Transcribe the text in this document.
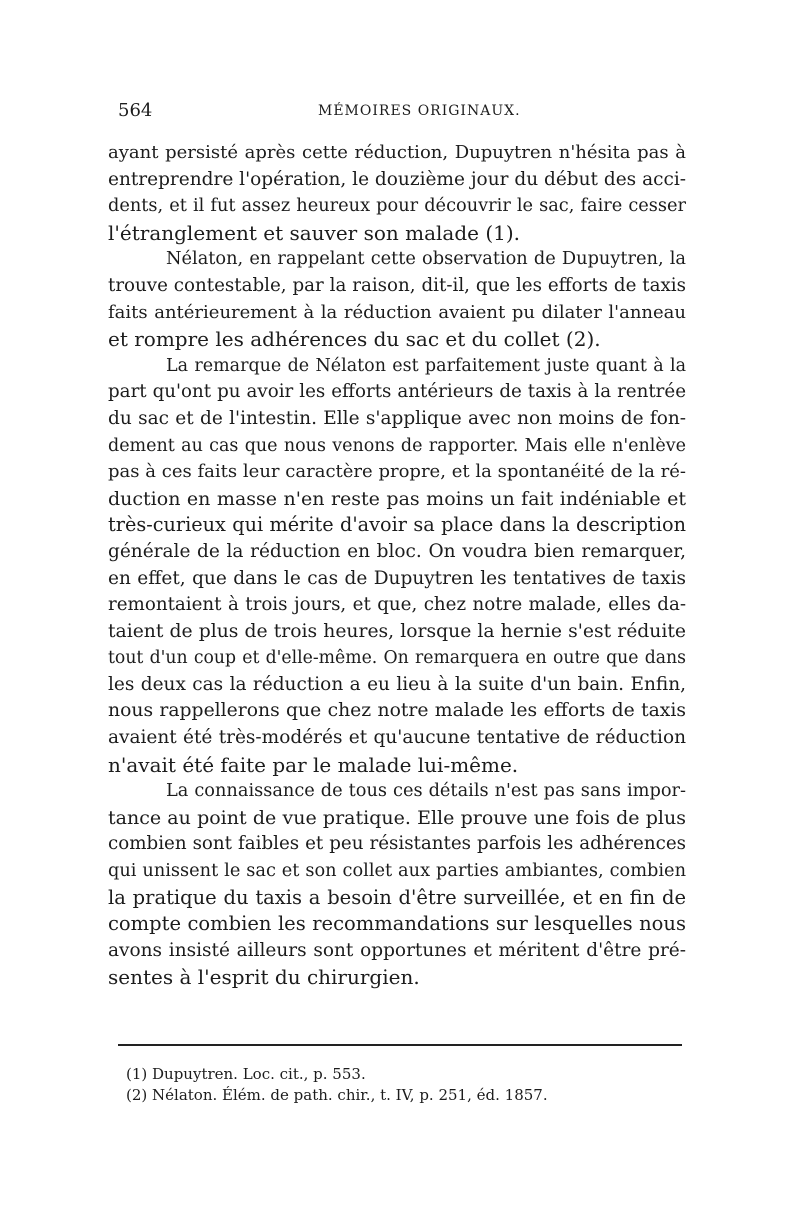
564	MÉMOIRES ORIGINAUX.
ayant persisté après cette réduction, Dupuytren n'hésita pas à
entreprendre l'opération, le douzième jour du début des acci-
dents, et il fut assez heureux pour découvrir le sac, faire cesser
l'étranglement et sauver son malade (1).
Nélaton, en rappelant cette observation de Dupuytren, la
trouve contestable, par la raison, dit-il, que les efforts de taxis
faits antérieurement à la réduction avaient pu dilater l'anneau
et rompre les adhérences du sac et du collet (2).
La remarque de Nélaton est parfaitement juste quant à la
part qu'ont pu avoir les efforts antérieurs de taxis à la rentrée
du sac et de l'intestin. Elle s'applique avec non moins de fon-
dement au cas que nous venons de rapporter. Mais elle n'enlève
pas à ces faits leur caractère propre, et la spontanéité de la ré-
duction en masse n'en reste pas moins un fait indéniable et
très-curieux qui mérite d'avoir sa place dans la description
générale de la réduction en bloc. On voudra bien remarquer,
en effet, que dans le cas de Dupuytren les tentatives de taxis
remontaient à trois jours, et que, chez notre malade, elles da-
taient de plus de trois heures, lorsque la hernie s'est réduite
tout d'un coup et d'elle-même. On remarquera en outre que dans
les deux cas la réduction a eu lieu à la suite d'un bain. Enfin,
nous rappellerons que chez notre malade les efforts de taxis
avaient été très-modérés et qu'aucune tentative de réduction
n'avait été faite par le malade lui-même.
La connaissance de tous ces détails n'est pas sans impor-
tance au point de vue pratique. Elle prouve une fois de plus
combien sont faibles et peu résistantes parfois les adhérences
qui unissent le sac et son collet aux parties ambiantes, combien
la pratique du taxis a besoin d'être surveillée, et en fin de
compte combien les recommandations sur lesquelles nous
avons insisté ailleurs sont opportunes et méritent d'être pré-
sentes à l'esprit du chirurgien.
(1) Dupuytren. Loc. cit., p. 553.
(2) Nélaton. Élém. de path. chir., t. IV, p. 251, éd. 1857.
